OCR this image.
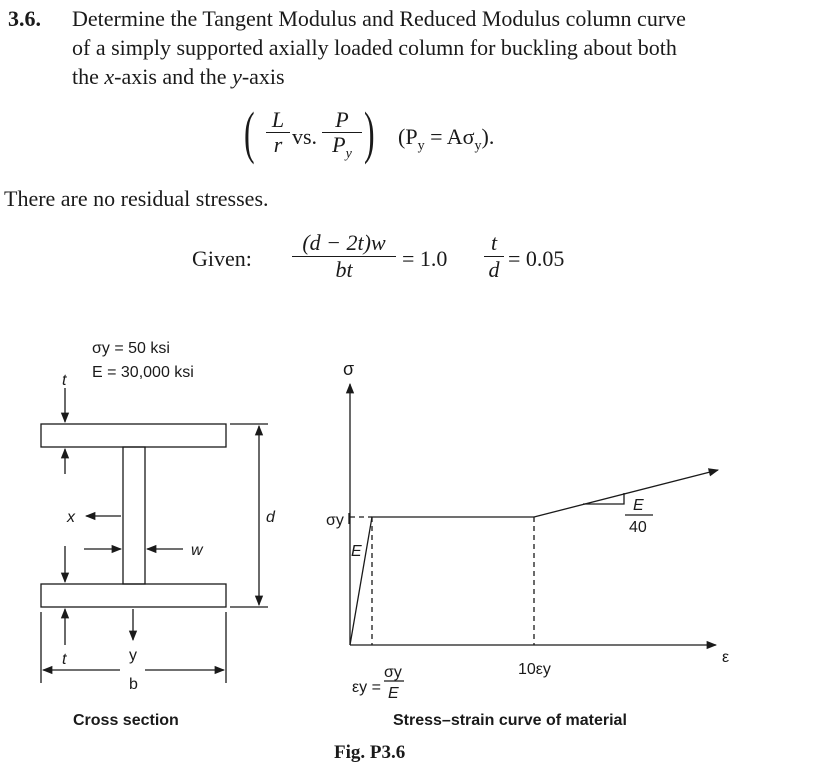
3.6. Determine the Tangent Modulus and Reduced Modulus column curve
of a simply supported axially loaded column for buckling about both
the x-axis and the y-axis
( L
r vs.
P
$P_y$ ) $(P_y = A\sigma_y)$.
There are no residual stresses.
Given:
(d − 2t)w
bt	= 1.0
t
d = 0.05
σy = 50 ksi
E = 30,000 ksi
t
t
x
w
d
y
b
Cross section
σ
ε
σy
E
εy =
σy
E
10εy
E
40
Stress–strain curve of material
Fig. P3.6
